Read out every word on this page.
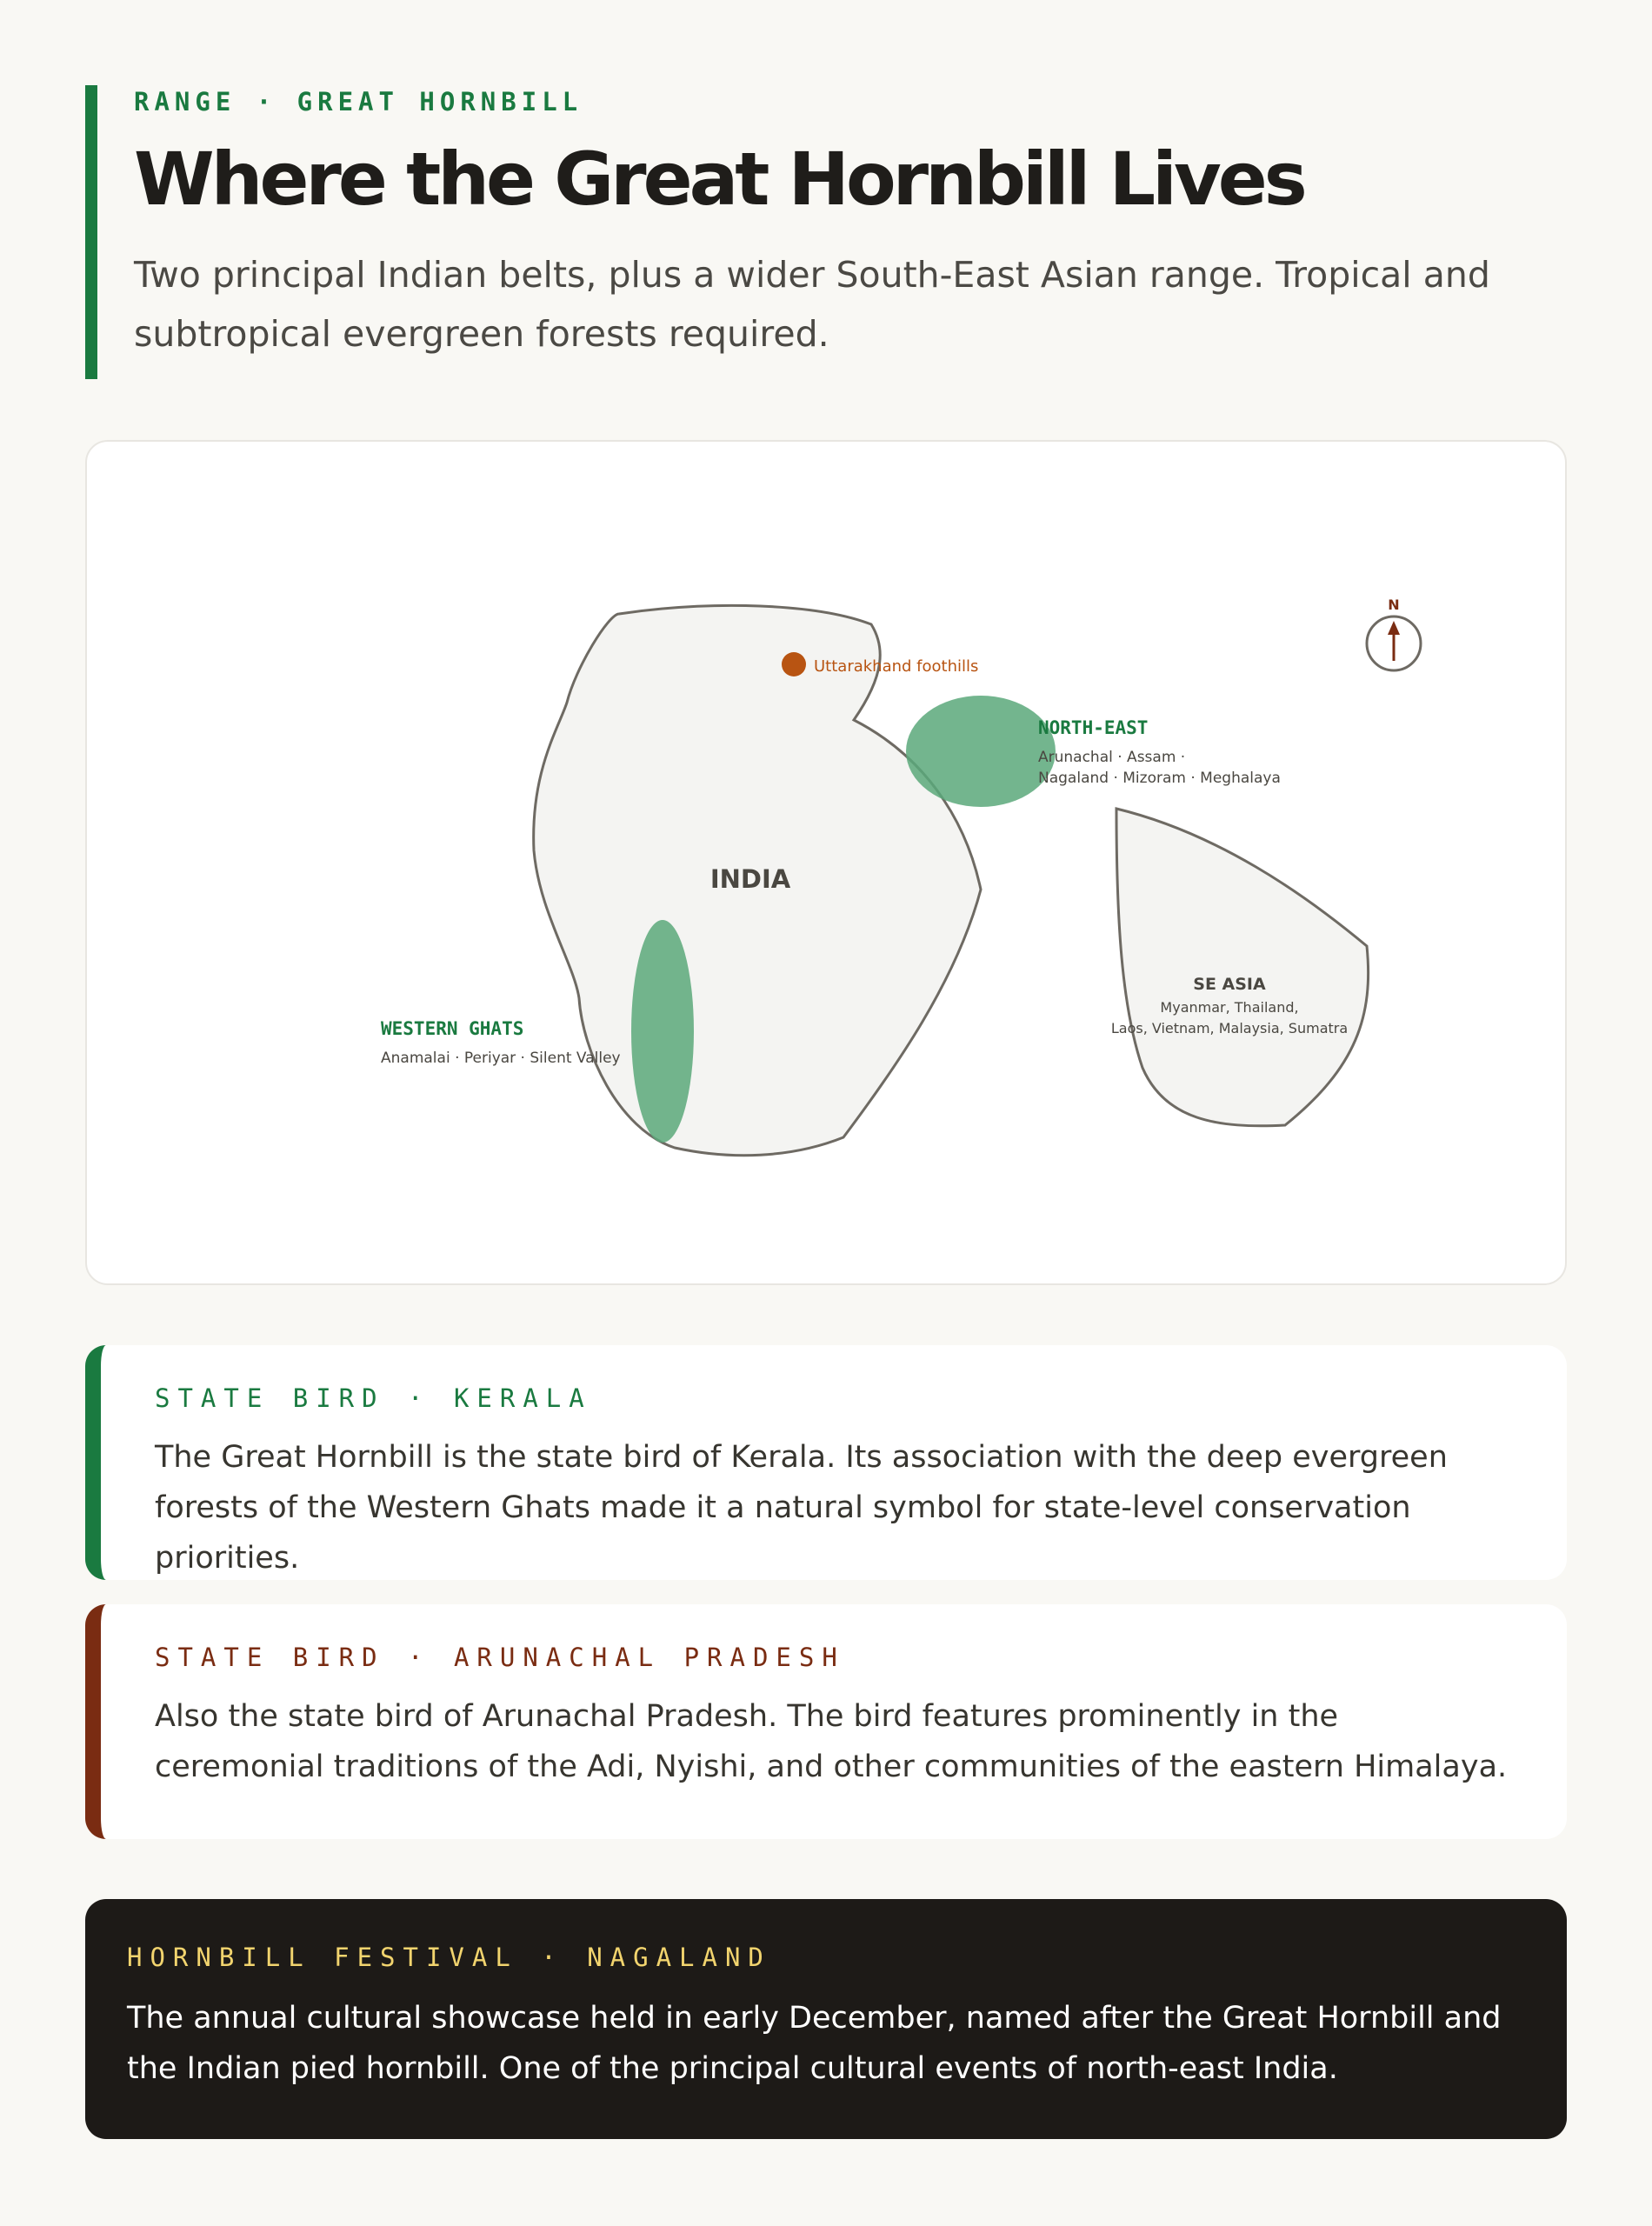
RANGE · GREAT HORNBILL
Where the Great Hornbill Lives
Two principal Indian belts, plus a wider South-East Asian range. Tropical and subtropical evergreen forests required.
Uttarakhand foothills
INDIA
NORTH-EAST
Arunachal · Assam ·
Nagaland · Mizoram · Meghalaya
WESTERN GHATS
Anamalai · Periyar · Silent Valley
SE ASIA
Myanmar, Thailand,
Laos, Vietnam, Malaysia, Sumatra
N
STATE BIRD · KERALA
The Great Hornbill is the state bird of Kerala. Its association with the deep evergreen forests of the Western Ghats made it a natural symbol for state-level conservation priorities.
STATE BIRD · ARUNACHAL PRADESH
Also the state bird of Arunachal Pradesh. The bird features prominently in the ceremonial traditions of the Adi, Nyishi, and other communities of the eastern Himalaya.
HORNBILL FESTIVAL · NAGALAND
The annual cultural showcase held in early December, named after the Great Hornbill and the Indian pied hornbill. One of the principal cultural events of north-east India.
